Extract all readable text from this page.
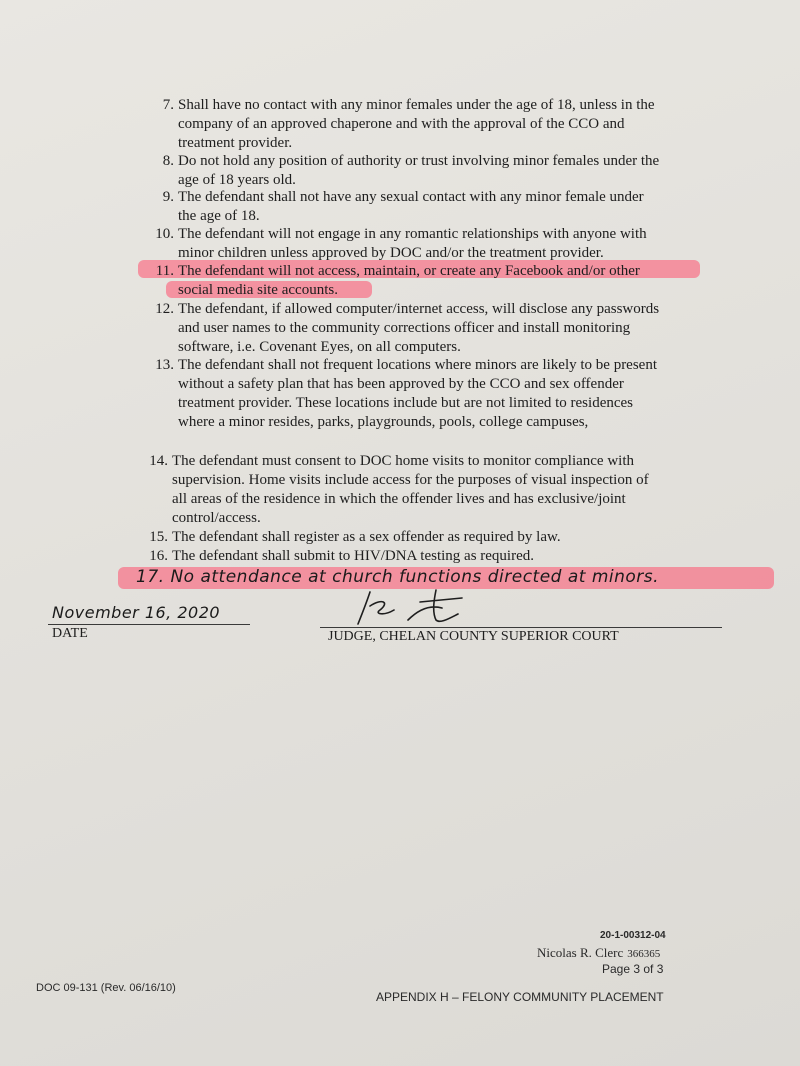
7. Shall have no contact with any minor females under the age of 18, unless in the
company of an approved chaperone and with the approval of the CCO and
treatment provider.
8. Do not hold any position of authority or trust involving minor females under the
age of 18 years old.
9. The defendant shall not have any sexual contact with any minor female under
the age of 18.
10. The defendant will not engage in any romantic relationships with anyone with
minor children unless approved by DOC and/or the treatment provider.
11. The defendant will not access, maintain, or create any Facebook and/or other
social media site accounts.
12. The defendant, if allowed computer/internet access, will disclose any passwords
and user names to the community corrections officer and install monitoring
software, i.e. Covenant Eyes, on all computers.
13. The defendant shall not frequent locations where minors are likely to be present
without a safety plan that has been approved by the CCO and sex offender
treatment provider. These locations include but are not limited to residences
where a minor resides, parks, playgrounds, pools, college campuses,
14. The defendant must consent to DOC home visits to monitor compliance with
supervision. Home visits include access for the purposes of visual inspection of
all areas of the residence in which the offender lives and has exclusive/joint
control/access.
15. The defendant shall register as a sex offender as required by law.
16. The defendant shall submit to HIV/DNA testing as required.
17. No attendance at church functions directed at minors.
November 16, 2020
DATE	JUDGE, CHELAN COUNTY SUPERIOR COURT
20-1-00312-04
Nicolas R. Clerc 366365
Page 3 of 3
DOC 09-131 (Rev. 06/16/10)
APPENDIX H – FELONY COMMUNITY PLACEMENT
